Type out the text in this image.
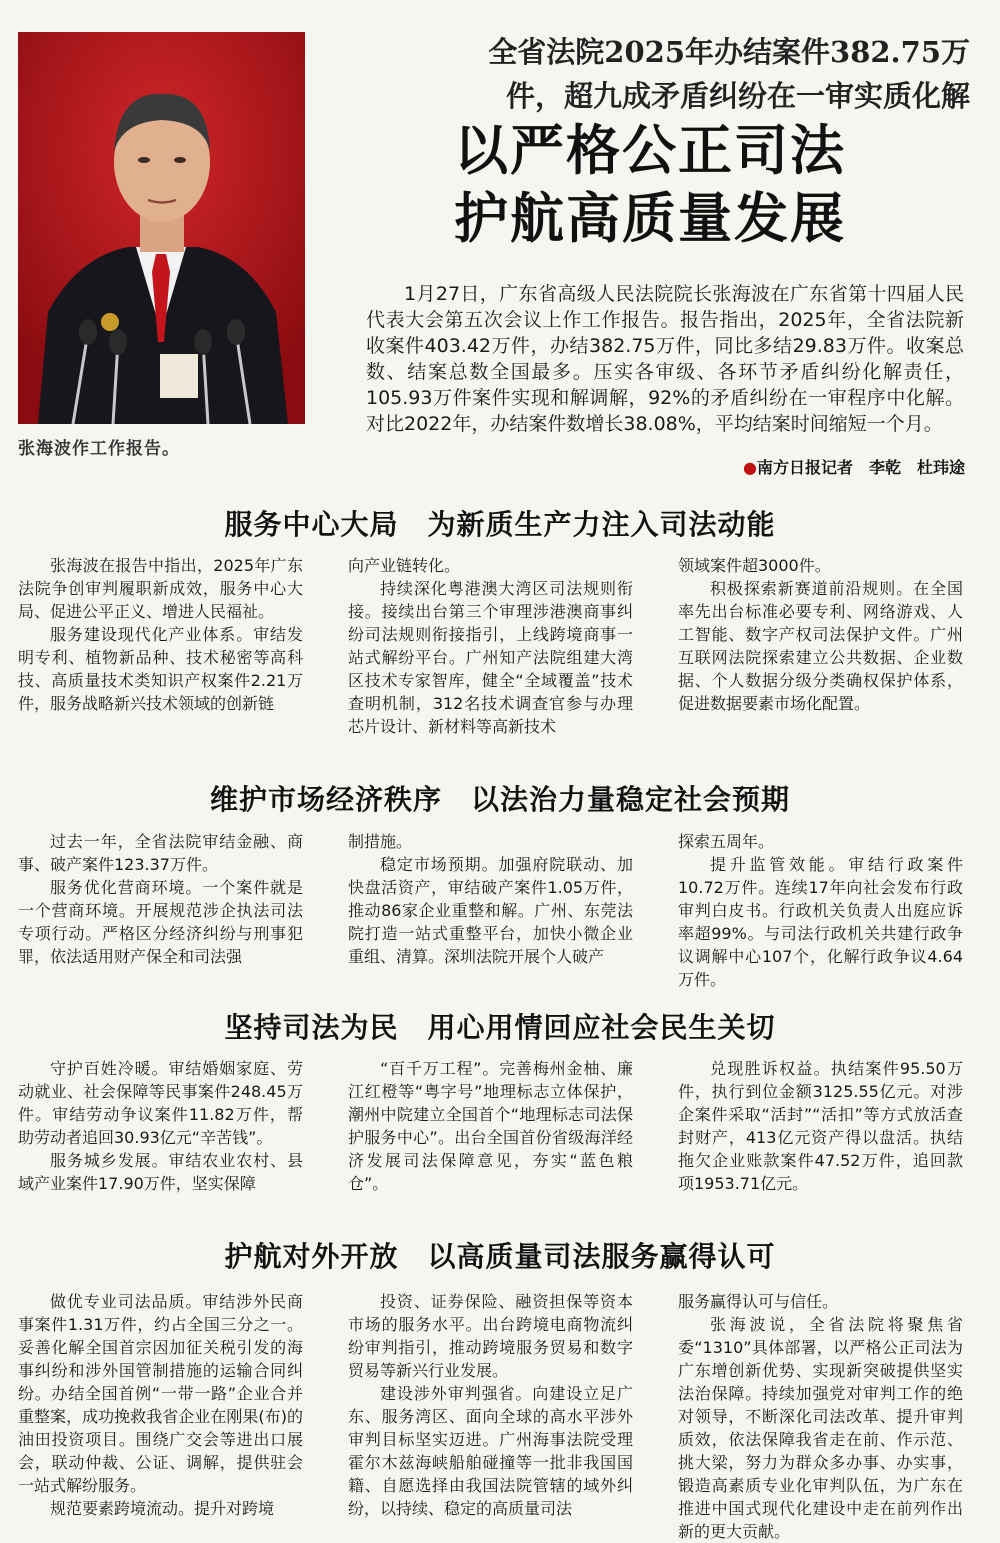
张海波作工作报告。
全省法院2025年办结案件382.75万
件，超九成矛盾纠纷在一审实质化解
以严格公正司法
护航高质量发展

1月27日，广东省高级人民法院院长张海波在广东省第十四届人民代表大会第五次会议上作工作报告。报告指出，2025年，全省法院新收案件403.42万件，办结382.75万件，同比多结29.83万件。收案总数、结案总数全国最多。压实各审级、各环节矛盾纠纷化解责任，105.93万件案件实现和解调解，92%的矛盾纠纷在一审程序中化解。对比2022年，办结案件数增长38.08%，平均结案时间缩短一个月。

●南方日报记者　李乾　杜玮途
服务中心大局　为新质生产力注入司法动能

张海波在报告中指出，2025年广东法院争创审判履职新成效，服务中心大局、促进公平正义、增进人民福祉。

服务建设现代化产业体系。审结发明专利、植物新品种、技术秘密等高科技、高质量技术类知识产权案件2.21万件，服务战略新兴技术领域的创新链

向产业链转化。

持续深化粤港澳大湾区司法规则衔接。接续出台第三个审理涉港澳商事纠纷司法规则衔接指引，上线跨境商事一站式解纷平台。广州知产法院组建大湾区技术专家智库，健全“全域覆盖”技术查明机制，312名技术调查官参与办理芯片设计、新材料等高新技术

领域案件超3000件。

积极探索新赛道前沿规则。在全国率先出台标准必要专利、网络游戏、人工智能、数字产权司法保护文件。广州互联网法院探索建立公共数据、企业数据、个人数据分级分类确权保护体系，促进数据要素市场化配置。

维护市场经济秩序　以法治力量稳定社会预期

过去一年，全省法院审结金融、商事、破产案件123.37万件。

服务优化营商环境。一个案件就是一个营商环境。开展规范涉企执法司法专项行动。严格区分经济纠纷与刑事犯罪，依法适用财产保全和司法强

制措施。

稳定市场预期。加强府院联动、加快盘活资产，审结破产案件1.05万件，推动86家企业重整和解。广州、东莞法院打造一站式重整平台，加快小微企业重组、清算。深圳法院开展个人破产

探索五周年。

提升监管效能。审结行政案件10.72万件。连续17年向社会发布行政审判白皮书。行政机关负责人出庭应诉率超99%。与司法行政机关共建行政争议调解中心107个，化解行政争议4.64万件。

坚持司法为民　用心用情回应社会民生关切

守护百姓冷暖。审结婚姻家庭、劳动就业、社会保障等民事案件248.45万件。审结劳动争议案件11.82万件，帮助劳动者追回30.93亿元“辛苦钱”。

服务城乡发展。审结农业农村、县域产业案件17.90万件，坚实保障

“百千万工程”。完善梅州金柚、廉江红橙等“粤字号”地理标志立体保护，潮州中院建立全国首个“地理标志司法保护服务中心”。出台全国首份省级海洋经济发展司法保障意见，夯实“蓝色粮仓”。

兑现胜诉权益。执结案件95.50万件，执行到位金额3125.55亿元。对涉企案件采取“活封”“活扣”等方式放活查封财产，413亿元资产得以盘活。执结拖欠企业账款案件47.52万件，追回款项1953.71亿元。

护航对外开放　以高质量司法服务赢得认可

做优专业司法品质。审结涉外民商事案件1.31万件，约占全国三分之一。妥善化解全国首宗因加征关税引发的海事纠纷和涉外国管制措施的运输合同纠纷。办结全国首例“一带一路”企业合并重整案，成功挽救我省企业在刚果(布)的油田投资项目。围绕广交会等进出口展会，联动仲裁、公证、调解，提供驻会一站式解纷服务。

规范要素跨境流动。提升对跨境

投资、证券保险、融资担保等资本市场的服务水平。出台跨境电商物流纠纷审判指引，推动跨境服务贸易和数字贸易等新兴行业发展。

建设涉外审判强省。向建设立足广东、服务湾区、面向全球的高水平涉外审判目标坚实迈进。广州海事法院受理霍尔木兹海峡船舶碰撞等一批非我国国籍、自愿选择由我国法院管辖的域外纠纷，以持续、稳定的高质量司法

服务赢得认可与信任。

张海波说，全省法院将聚焦省委“1310”具体部署，以严格公正司法为广东增创新优势、实现新突破提供坚实法治保障。持续加强党对审判工作的绝对领导，不断深化司法改革、提升审判质效，依法保障我省走在前、作示范、挑大梁，努力为群众多办事、办实事，锻造高素质专业化审判队伍，为广东在推进中国式现代化建设中走在前列作出新的更大贡献。
